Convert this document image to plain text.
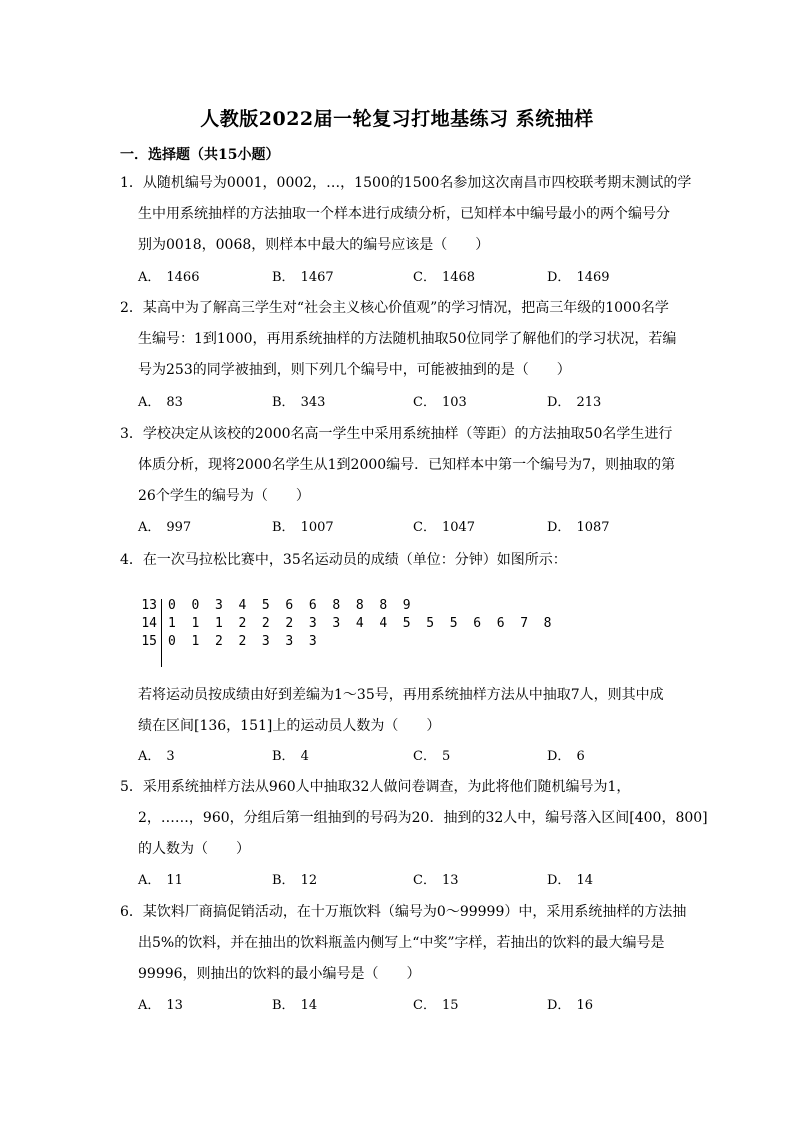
人教版2022届一轮复习打地基练习 系统抽样
一．选择题（共15小题）
1．从随机编号为0001，0002，…，1500的1500名参加这次南昌市四校联考期末测试的学
生中用系统抽样的方法抽取一个样本进行成绩分析，已知样本中编号最小的两个编号分
别为0018，0068，则样本中最大的编号应该是（　　）
A． 1466	B． 1467	C． 1468	D． 1469
2．某高中为了解高三学生对“社会主义核心价值观”的学习情况，把高三年级的1000名学
生编号：1到1000，再用系统抽样的方法随机抽取50位同学了解他们的学习状况，若编
号为253的同学被抽到，则下列几个编号中，可能被抽到的是（　　）
A． 83	B． 343	C． 103	D． 213
3．学校决定从该校的2000名高一学生中采用系统抽样（等距）的方法抽取50名学生进行
体质分析，现将2000名学生从1到2000编号．已知样本中第一个编号为7，则抽取的第
26个学生的编号为（　　）
A． 997	B． 1007	C． 1047	D． 1087
4．在一次马拉松比赛中，35名运动员的成绩（单位：分钟）如图所示：
13 0  0  3  4  5  6  6  8  8  8  9
14 1  1  1  2  2  2  3  3  4  4  5  5  5  6  6  7  8
15 0  1  2  2  3  3  3
若将运动员按成绩由好到差编为1～35号，再用系统抽样方法从中抽取7人，则其中成
绩在区间[136，151]上的运动员人数为（　　）
A． 3	B． 4	C． 5	D． 6
5．采用系统抽样方法从960人中抽取32人做问卷调查，为此将他们随机编号为1，
2，……，960，分组后第一组抽到的号码为20．抽到的32人中，编号落入区间[400，800]
的人数为（　　）
A． 11	B． 12	C． 13	D． 14
6．某饮料厂商搞促销活动，在十万瓶饮料（编号为0～99999）中，采用系统抽样的方法抽
出5%的饮料，并在抽出的饮料瓶盖内侧写上“中奖”字样，若抽出的饮料的最大编号是
99996，则抽出的饮料的最小编号是（　　）
A． 13	B． 14	C． 15	D． 16
